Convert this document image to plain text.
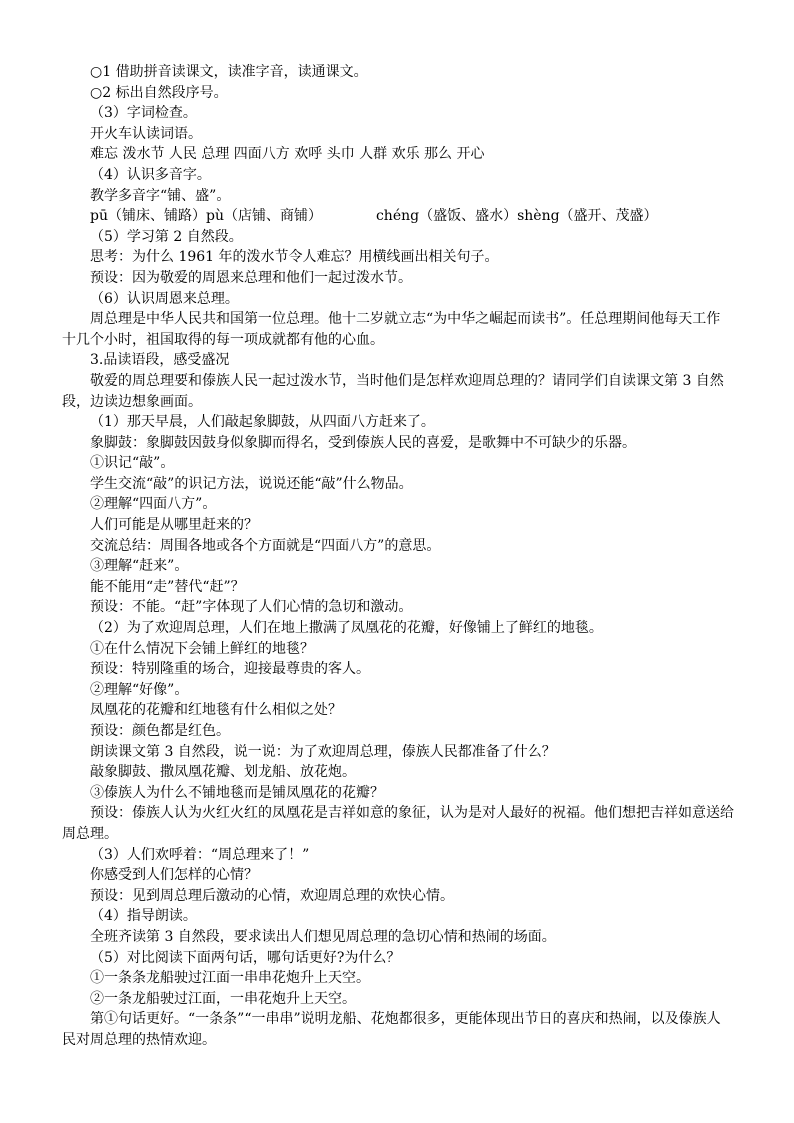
○1 借助拼音读课文，读准字音，读通课文。
○2 标出自然段序号。
（3）字词检查。
开火车认读词语。
难忘 泼水节 人民 总理 四面八方 欢呼 头巾 人群 欢乐 那么 开心
（4）认识多音字。
教学多音字“铺、盛”。
pū（铺床、铺路）pù（店铺、商铺）	chéng（盛饭、盛水）shèng（盛开、茂盛）
（5）学习第 2 自然段。
思考：为什么 1961 年的泼水节令人难忘？用横线画出相关句子。
预设：因为敬爱的周恩来总理和他们一起过泼水节。
（6）认识周恩来总理。
周总理是中华人民共和国第一位总理。他十二岁就立志“为中华之崛起而读书”。任总理期间他每天工作十几个小时，祖国取得的每一项成就都有他的心血。
3.品读语段，感受盛况
敬爱的周总理要和傣族人民一起过泼水节，当时他们是怎样欢迎周总理的？请同学们自读课文第 3 自然段，边读边想象画面。
（1）那天早晨，人们敲起象脚鼓，从四面八方赶来了。
象脚鼓：象脚鼓因鼓身似象脚而得名，受到傣族人民的喜爱，是歌舞中不可缺少的乐器。
①识记“敲”。
学生交流“敲”的识记方法，说说还能“敲”什么物品。
②理解“四面八方”。
人们可能是从哪里赶来的？
交流总结：周围各地或各个方面就是“四面八方”的意思。
③理解“赶来”。
能不能用“走”替代“赶”？
预设：不能。“赶”字体现了人们心情的急切和激动。
（2）为了欢迎周总理，人们在地上撒满了凤凰花的花瓣，好像铺上了鲜红的地毯。
①在什么情况下会铺上鲜红的地毯？
预设：特别隆重的场合，迎接最尊贵的客人。
②理解“好像”。
凤凰花的花瓣和红地毯有什么相似之处？
预设：颜色都是红色。
朗读课文第 3 自然段，说一说：为了欢迎周总理，傣族人民都准备了什么？
敲象脚鼓、撒凤凰花瓣、划龙船、放花炮。
③傣族人为什么不铺地毯而是铺凤凰花的花瓣？
预设：傣族人认为火红火红的凤凰花是吉祥如意的象征，认为是对人最好的祝福。他们想把吉祥如意送给周总理。
（3）人们欢呼着：“周总理来了！”
你感受到人们怎样的心情？
预设：见到周总理后激动的心情，欢迎周总理的欢快心情。
（4）指导朗读。
全班齐读第 3 自然段，要求读出人们想见周总理的急切心情和热闹的场面。
（5）对比阅读下面两句话，哪句话更好?为什么？
①一条条龙船驶过江面一串串花炮升上天空。
②一条龙船驶过江面，一串花炮升上天空。
第①句话更好。“一条条”“一串串”说明龙船、花炮都很多，更能体现出节日的喜庆和热闹，以及傣族人民对周总理的热情欢迎。
